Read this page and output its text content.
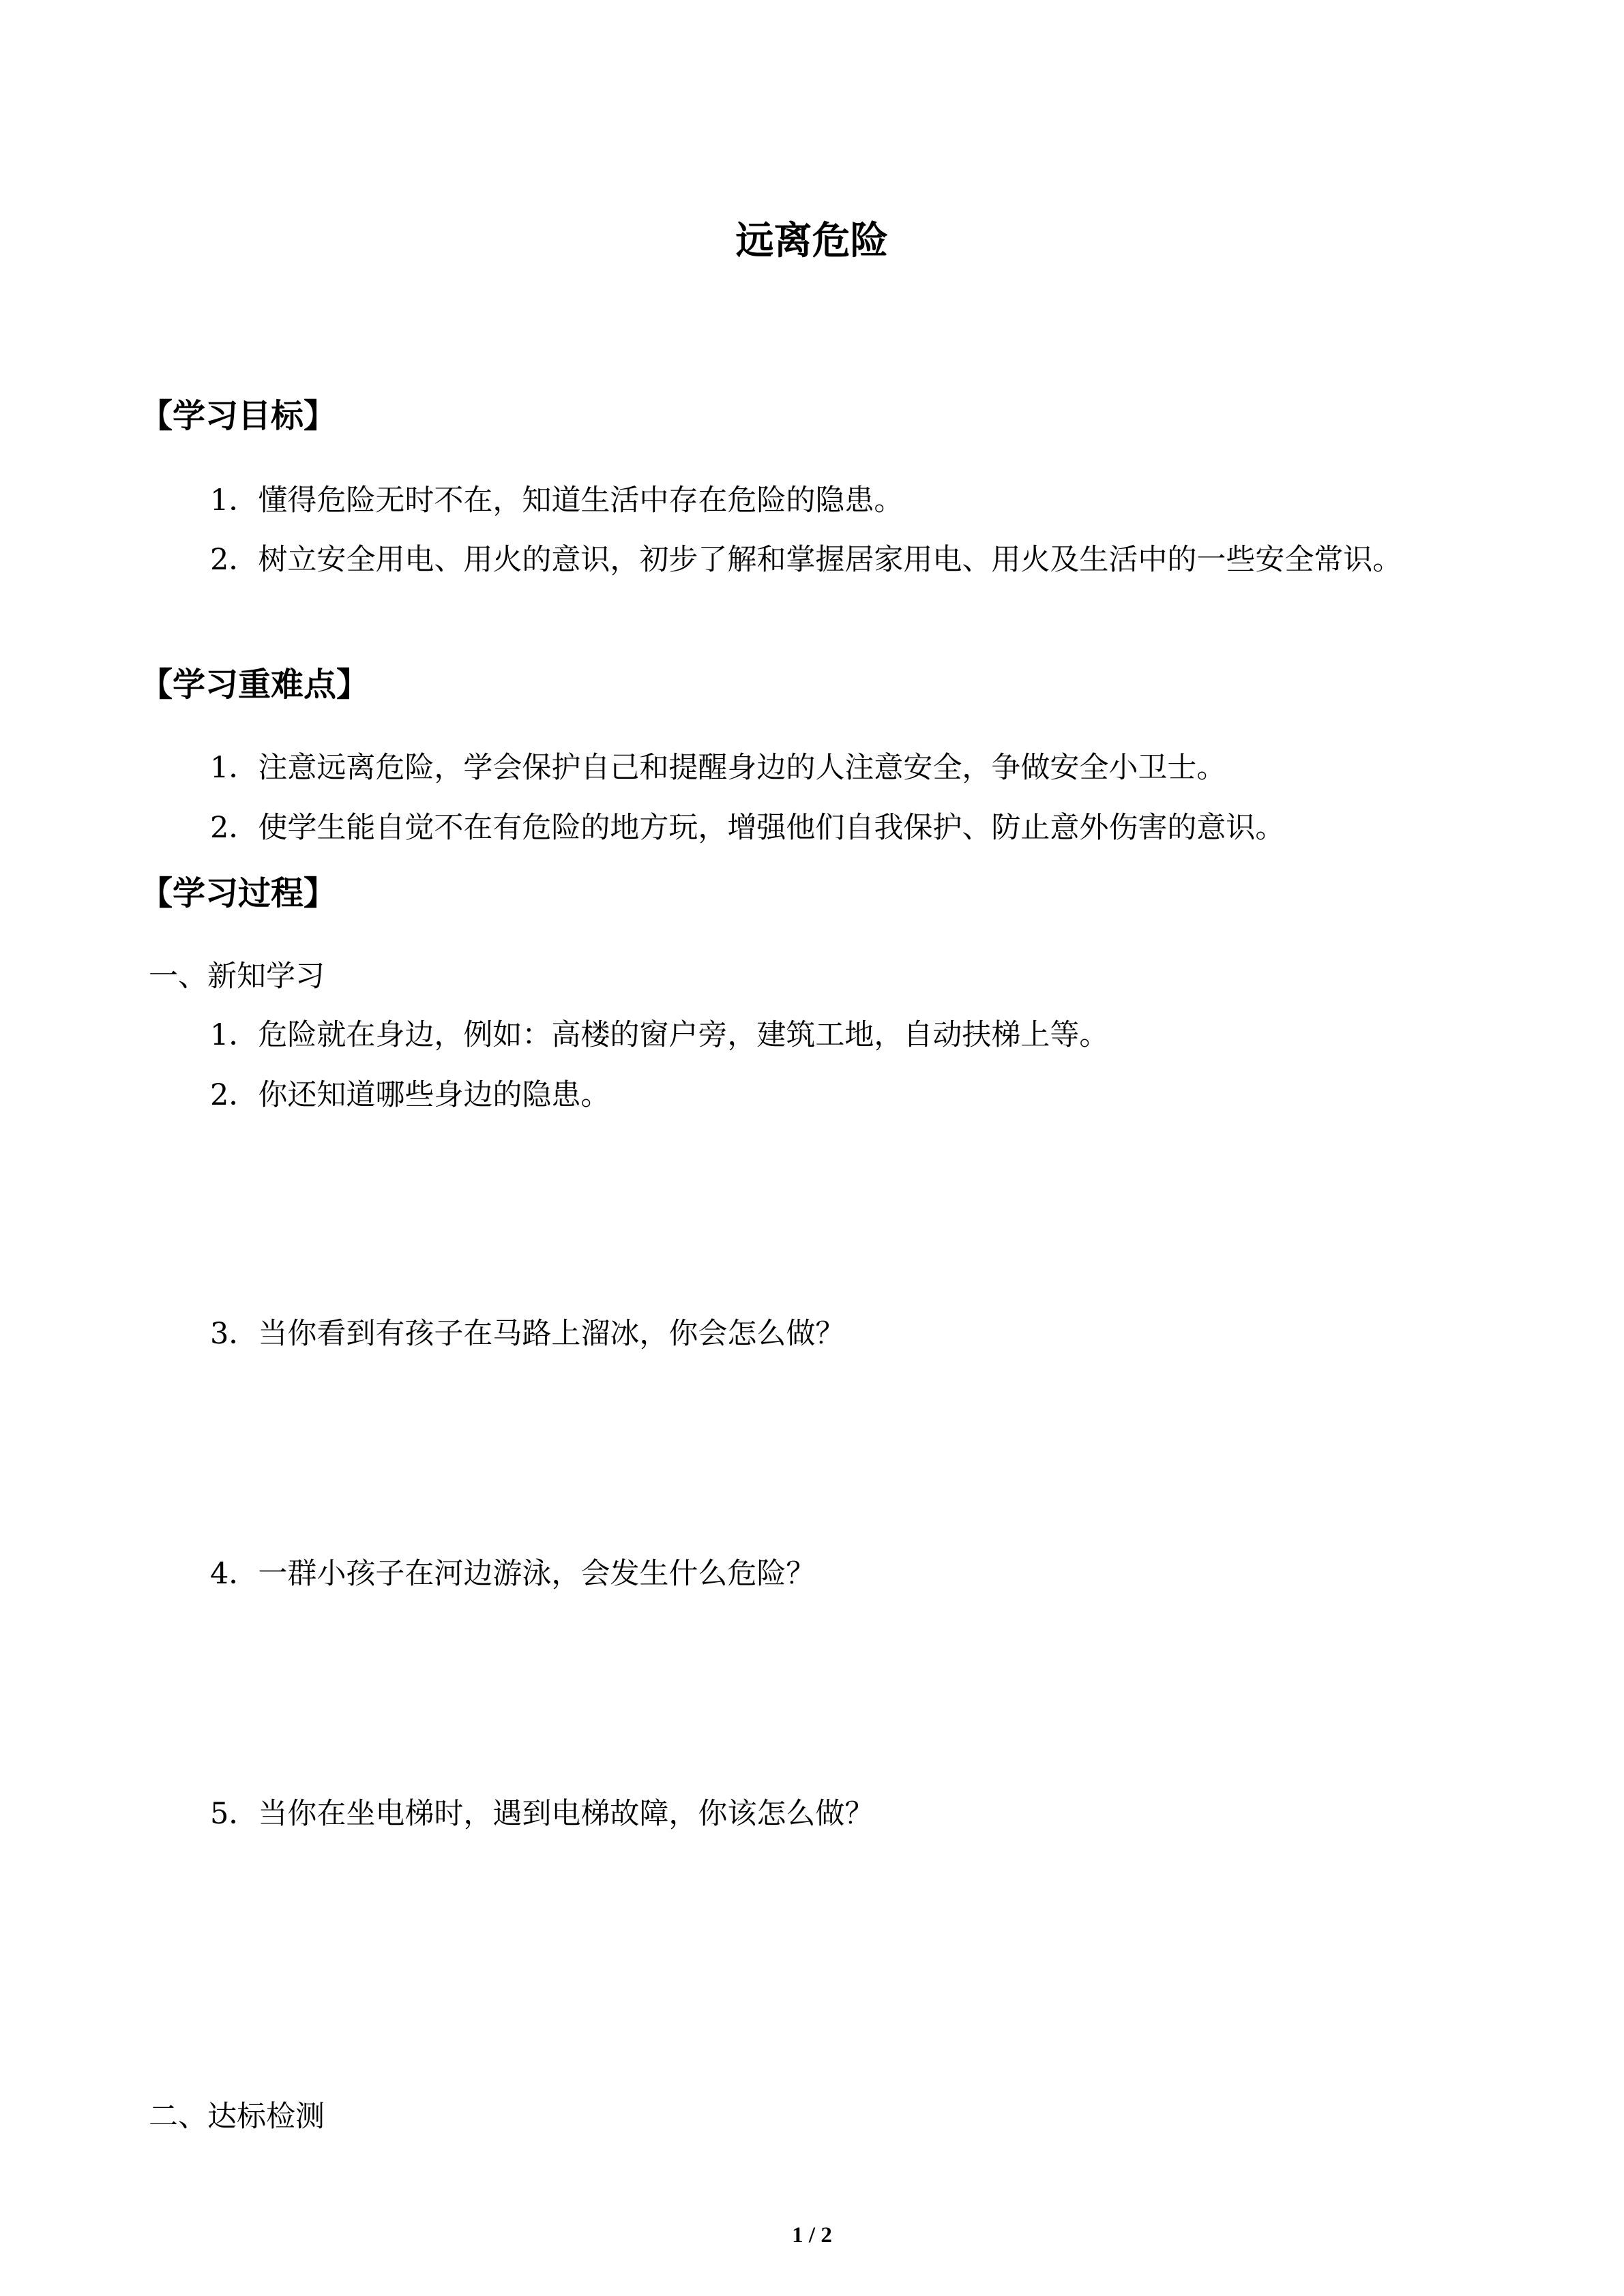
远离危险
【学习目标】
1．懂得危险无时不在，知道生活中存在危险的隐患。
2．树立安全用电、用火的意识，初步了解和掌握居家用电、用火及生活中的一些安全常识。
【学习重难点】
1．注意远离危险，学会保护自己和提醒身边的人注意安全，争做安全小卫士。
2．使学生能自觉不在有危险的地方玩，增强他们自我保护、防止意外伤害的意识。
【学习过程】
一、新知学习
1．危险就在身边，例如：高楼的窗户旁，建筑工地，自动扶梯上等。
2．你还知道哪些身边的隐患。
3．当你看到有孩子在马路上溜冰，你会怎么做？
4．一群小孩子在河边游泳，会发生什么危险？
5．当你在坐电梯时，遇到电梯故障，你该怎么做？
二、达标检测
1 / 2
